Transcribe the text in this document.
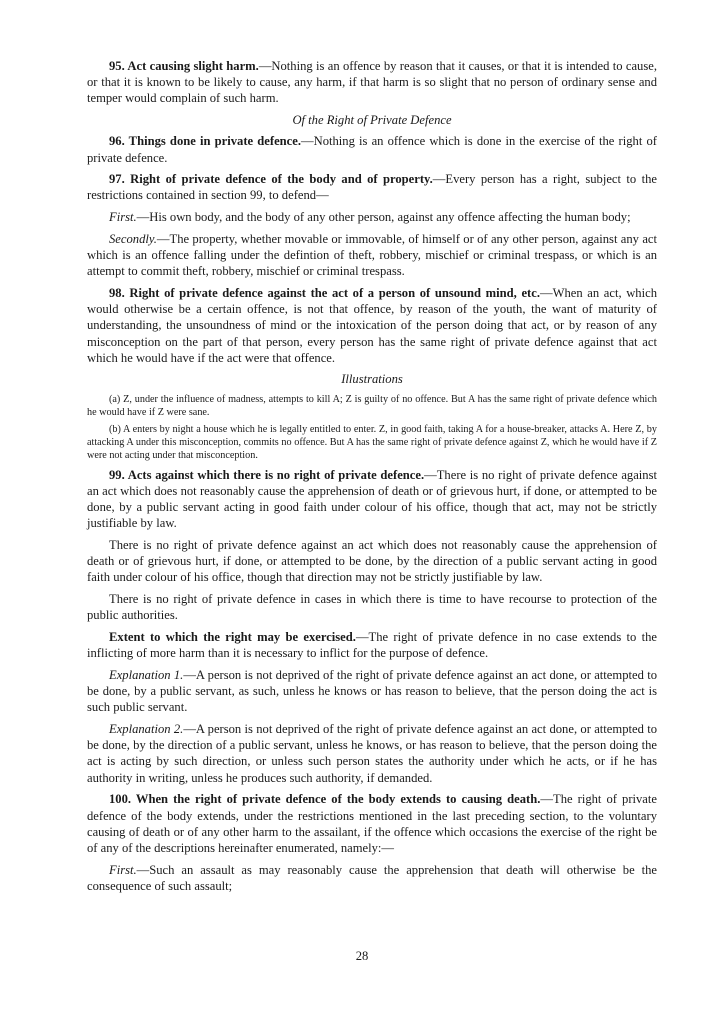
95. Act causing slight harm.—Nothing is an offence by reason that it causes, or that it is intended to cause, or that it is known to be likely to cause, any harm, if that harm is so slight that no person of ordinary sense and temper would complain of such harm.

Of the Right of Private Defence

96. Things done in private defence.—Nothing is an offence which is done in the exercise of the right of private defence.

97. Right of private defence of the body and of property.—Every person has a right, subject to the restrictions contained in section 99, to defend—

First.—His own body, and the body of any other person, against any offence affecting the human body;

Secondly.—The property, whether movable or immovable, of himself or of any other person, against any act which is an offence falling under the defintion of theft, robbery, mischief or criminal trespass, or which is an attempt to commit theft, robbery, mischief or criminal trespass.

98. Right of private defence against the act of a person of unsound mind, etc.—When an act, which would otherwise be a certain offence, is not that offence, by reason of the youth, the want of maturity of understanding, the unsoundness of mind or the intoxication of the person doing that act, or by reason of any misconception on the part of that person, every person has the same right of private defence against that act which he would have if the act were that offence.

Illustrations

(a) Z, under the influence of madness, attempts to kill A; Z is guilty of no offence. But A has the same right of private defence which he would have if Z were sane.

(b) A enters by night a house which he is legally entitled to enter. Z, in good faith, taking A for a house-breaker, attacks A. Here Z, by attacking A under this misconception, commits no offence. But A has the same right of private defence against Z, which he would have if Z were not acting under that misconception.

99. Acts against which there is no right of private defence.—There is no right of private defence against an act which does not reasonably cause the apprehension of death or of grievous hurt, if done, or attempted to be done, by a public servant acting in good faith under colour of his office, though that act, may not be strictly justifiable by law.

There is no right of private defence against an act which does not reasonably cause the apprehension of death or of grievous hurt, if done, or attempted to be done, by the direction of a public servant acting in good faith under colour of his office, though that direction may not be strictly justifiable by law.

There is no right of private defence in cases in which there is time to have recourse to protection of the public authorities.

Extent to which the right may be exercised.—The right of private defence in no case extends to the inflicting of more harm than it is necessary to inflict for the purpose of defence.

Explanation 1.—A person is not deprived of the right of private defence against an act done, or attempted to be done, by a public servant, as such, unless he knows or has reason to believe, that the person doing the act is such public servant.

Explanation 2.—A person is not deprived of the right of private defence against an act done, or attempted to be done, by the direction of a public servant, unless he knows, or has reason to believe, that the person doing the act is acting by such direction, or unless such person states the authority under which he acts, or if he has authority in writing, unless he produces such authority, if demanded.

100. When the right of private defence of the body extends to causing death.—The right of private defence of the body extends, under the restrictions mentioned in the last preceding section, to the voluntary causing of death or of any other harm to the assailant, if the offence which occasions the exercise of the right be of any of the descriptions hereinafter enumerated, namely:—

First.—Such an assault as may reasonably cause the apprehension that death will otherwise be the consequence of such assault;

28
